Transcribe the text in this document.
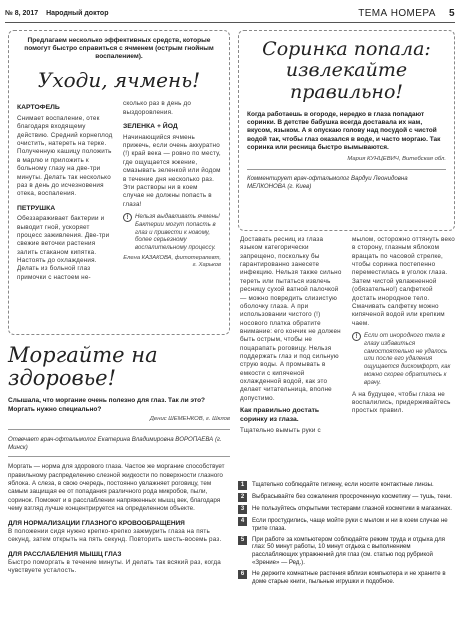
№ 8, 2017 Народный доктор	ТЕМА НОМЕРА 5
Предлагаем несколько эффективных средств, которые помогут быстро справиться с ячменем (острым гнойным воспалением).
Уходи, ячмень!
КАРТОФЕЛЬ
Снимает воспаление, отек благодаря входящему действию. Средний корнеплод очистить, натереть на терке. Полученную кашицу положить в марлю и приложить к больному глазу на две-три минуты. Делать так несколько раз в день до исчезновения отека, воспаления.
ПЕТРУШКА
Обеззараживает бактерии и выводит гной, ускоряет процесс заживления. Две-три свежие веточки растения залить стаканом кипятка. Настоять до охлаждения. Делать из больной глаз примочки с настоем не-
сколько раз в день до выздоровления.
ЗЕЛЕНКА + ЙОД
Начинающийся ячмень прижечь, если очень аккуратно (!) край века — ровно по месту, где ощущается жжение, смазывать зеленкой или йодом в течение дня несколько раз. Эти растворы ни в коем случае не должны попасть в глаза!
!	Нельзя выдавливать ячмень! Бактерии могут попасть в глаз и привести к новому, более серьезному воспалительному процессу.
Елена КАЗАКОВА, фитотерапевт, г. Харьков
Соринка попала: извлекайте правильно!
Когда работаешь в огороде, нередко в глаза попадают соринки. В детстве бабушка всегда доставала их нам, вкусом, языком. А я опускаю голову над посудой с чистой водой так, чтобы глаз оказался в воде, и часто моргаю. Так соринка или ресница быстро вымываются.
Мария КУНЦЕВИЧ, Витебская обл.
Комментирует врач-офтальмолог Вардуи Леонидовна МЕЛКОНОВА (г. Киев)
Доставать ресниц из глаза языком категорически запрещено, поскольку бы гарантированно занесете инфекцию. Нельзя также сильно тереть или пытаться извлечь ресницу сухой ватной палочкой — можно повредить слизистую оболочку глаза. А при использовании чистого (!) носового платка обратите внимание: его кончик не должен быть острым, чтобы не поцарапать роговицу. Нельзя поддержать глаз и под сильную струю воды. А промывать в емкости с кипяченой охлажденной водой, как это делает читательница, вполне допустимо.
Как правильно достать соринку из глаза.
Тщательно вымыть руки с
мылом, осторожно оттянуть веко в сторону, глазным яблоком вращать по часовой стрелке, чтобы соринка постепенно переместилась в уголок глаза. Затем чистой увлажненной (обязательно!) салфеткой достать инородное тело. Смачивать салфетку можно кипяченой водой или крепким чаем.
!	Если от инородного тела в глазу избавиться самостоятельно не удалось или после его удаления ощущается дискомфорт, как можно скорее обратитесь к врачу.
А на будущее, чтобы глаза не воспалились, придерживайтесь простых правил.
1	Тщательно соблюдайте гигиену, если носите контактные линзы.
2	Выбрасывайте без сожаления просроченную косметику — тушь, тени.
3	Не пользуйтесь открытыми тестерами глазной косметики в магазинах.
4	Если простудились, чаще мойте руки с мылом и ни в коем случае не трите глаза.
5	При работе за компьютером соблюдайте режим труда и отдыха для глаз: 50 минут работы, 10 минут отдыха с выполнением расслабляющих упражнений для глаз (см. статью под рубрикой «Зрение» — Ред.).
6	Не держите комнатные растения вблизи компьютера и не храните в доме старые книги, пыльные игрушки и подобное.
Моргайте на здоровье!
Слышала, что моргание очень полезно для глаз. Так ли это? Моргать нужно специально?
Денис ШЕМЕНКОВ, г. Шклов
Отвечает врач-офтальмолог Екатерина Владимировна ВОРОПАЕВА (г. Минск)
Моргать — норма для здорового глаза. Частое же моргание способствует правильному распределению слезной жидкости по поверхности глазного яблока. А слеза, в свою очередь, постоянно увлажняет роговицу, тем самым защищая ее от попадания различного рода микробов, пыли, соринок. Поможет и в расслаблении напряженных мышц век, благодаря чему взгляд лучше концентрируется на определенном объекте.
ДЛЯ НОРМАЛИЗАЦИИ ГЛАЗНОГО КРОВООБРАЩЕНИЯ
В положении сидя нужно крепко-крепко зажмурить глаза на пять секунд, затем открыть на пять секунд. Повторить шесть-восемь раз.
ДЛЯ РАССЛАБЛЕНИЯ МЫШЦ ГЛАЗ
Быстро поморгать в течение минуты. И делать так всякий раз, когда чувствуете усталость.
